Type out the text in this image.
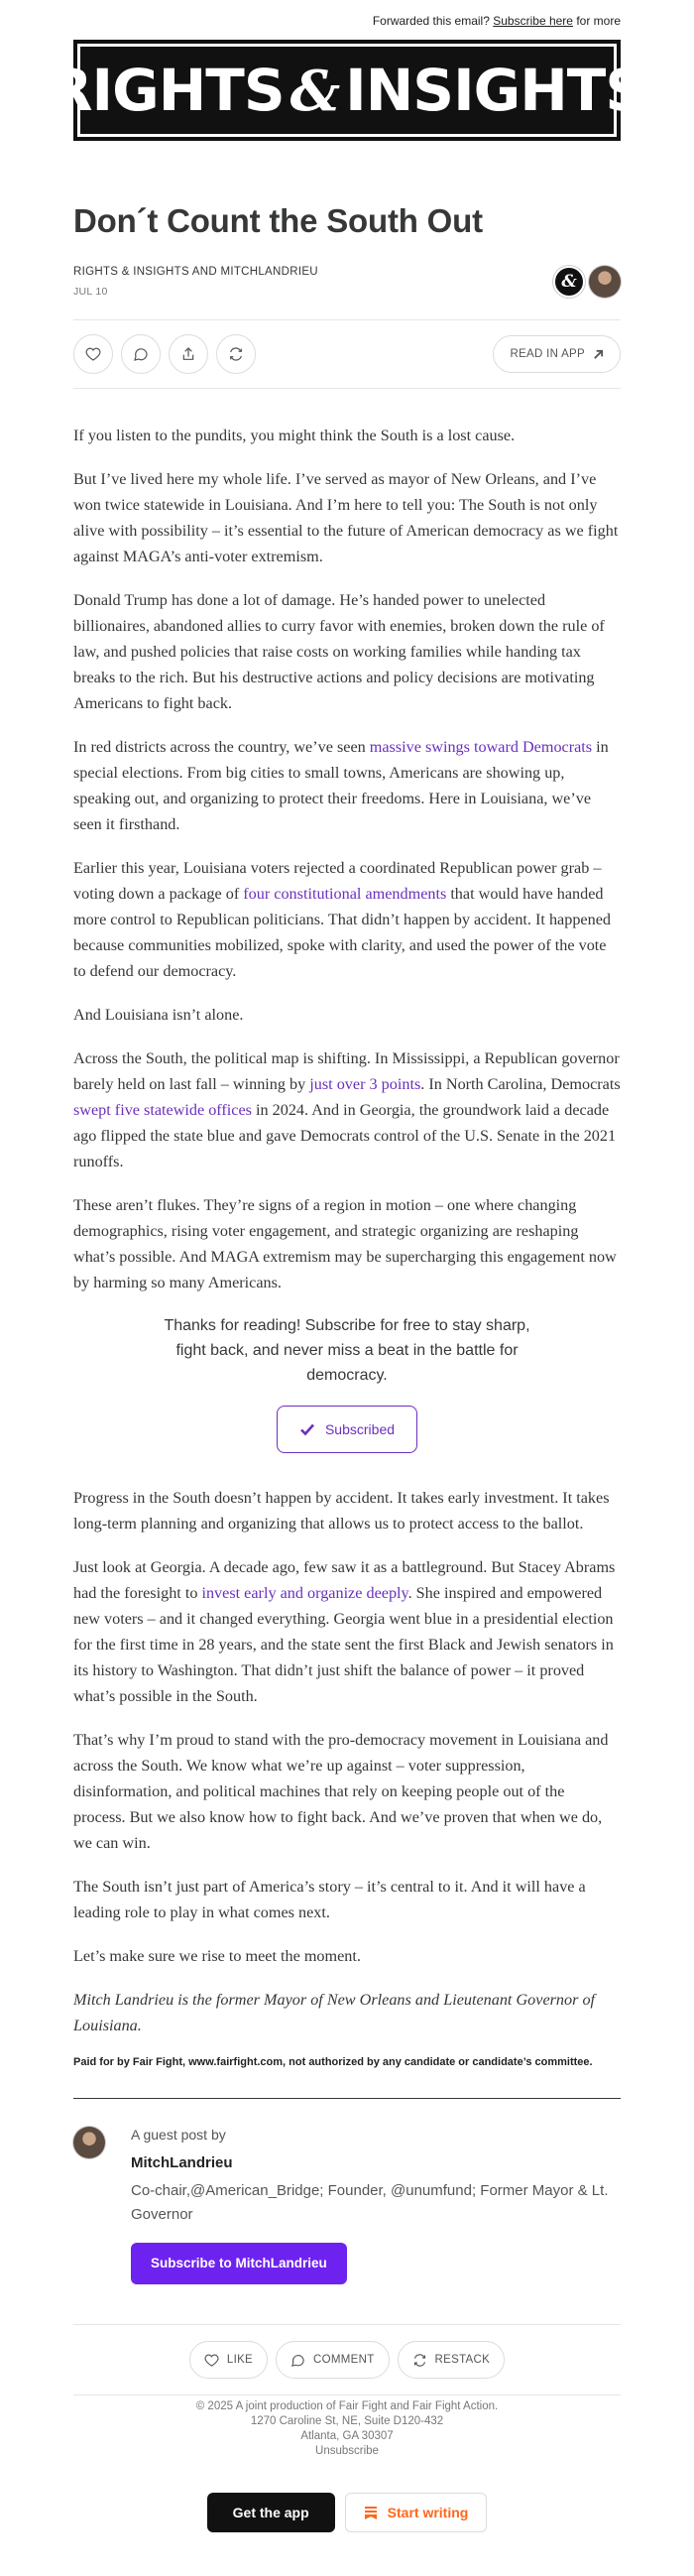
Forwarded this email? Subscribe here for more
RIGHTS & INSIGHTS
Don´t Count the South Out
RIGHTS & INSIGHTS AND MITCHLANDRIEU
JUL 10	&
READ IN APP

If you listen to the pundits, you might think the South is a lost cause.

But I’ve lived here my whole life. I’ve served as mayor of New Orleans, and I’ve won twice statewide in Louisiana. And I’m here to tell you: The South is not only alive with possibility – it’s essential to the future of American democracy as we fight against MAGA’s anti-voter extremism.

Donald Trump has done a lot of damage. He’s handed power to unelected billionaires, abandoned allies to curry favor with enemies, broken down the rule of law, and pushed policies that raise costs on working families while handing tax breaks to the rich. But his destructive actions and policy decisions are motivating Americans to fight back.

In red districts across the country, we’ve seen massive swings toward Democrats in special elections. From big cities to small towns, Americans are showing up, speaking out, and organizing to protect their freedoms. Here in Louisiana, we’ve seen it firsthand.

Earlier this year, Louisiana voters rejected a coordinated Republican power grab – voting down a package of four constitutional amendments that would have handed more control to Republican politicians. That didn’t happen by accident. It happened because communities mobilized, spoke with clarity, and used the power of the vote to defend our democracy.

And Louisiana isn’t alone.

Across the South, the political map is shifting. In Mississippi, a Republican governor barely held on last fall – winning by just over 3 points. In North Carolina, Democrats swept five statewide offices in 2024. And in Georgia, the groundwork laid a decade ago flipped the state blue and gave Democrats control of the U.S. Senate in the 2021 runoffs.

These aren’t flukes. They’re signs of a region in motion – one where changing demographics, rising voter engagement, and strategic organizing are reshaping what’s possible. And MAGA extremism may be supercharging this engagement now by harming so many Americans.

Thanks for reading! Subscribe for free to stay sharp, fight back, and never miss a beat in the battle for democracy.
Subscribed

Progress in the South doesn’t happen by accident. It takes early investment. It takes long-term planning and organizing that allows us to protect access to the ballot.

Just look at Georgia. A decade ago, few saw it as a battleground. But Stacey Abrams had the foresight to invest early and organize deeply. She inspired and empowered new voters – and it changed everything. Georgia went blue in a presidential election for the first time in 28 years, and the state sent the first Black and Jewish senators in its history to Washington. That didn’t just shift the balance of power – it proved what’s possible in the South.

That’s why I’m proud to stand with the pro-democracy movement in Louisiana and across the South. We know what we’re up against – voter suppression, disinformation, and political machines that rely on keeping people out of the process. But we also know how to fight back. And we’ve proven that when we do, we can win.

The South isn’t just part of America’s story – it’s central to it. And it will have a leading role to play in what comes next.

Let’s make sure we rise to meet the moment.

Mitch Landrieu is the former Mayor of New Orleans and Lieutenant Governor of Louisiana.

Paid for by Fair Fight, www.fairfight.com, not authorized by any candidate or candidate’s committee.

A guest post by
MitchLandrieu
Co-chair,@American_Bridge; Founder, @unumfund; Former Mayor & Lt. Governor
Subscribe to MitchLandrieu
LIKE	COMMENT	RESTACK
© 2025 A joint production of Fair Fight and Fair Fight Action.
1270 Caroline St, NE, Suite D120-432
Atlanta, GA 30307
Unsubscribe
Get the app	Start writing
